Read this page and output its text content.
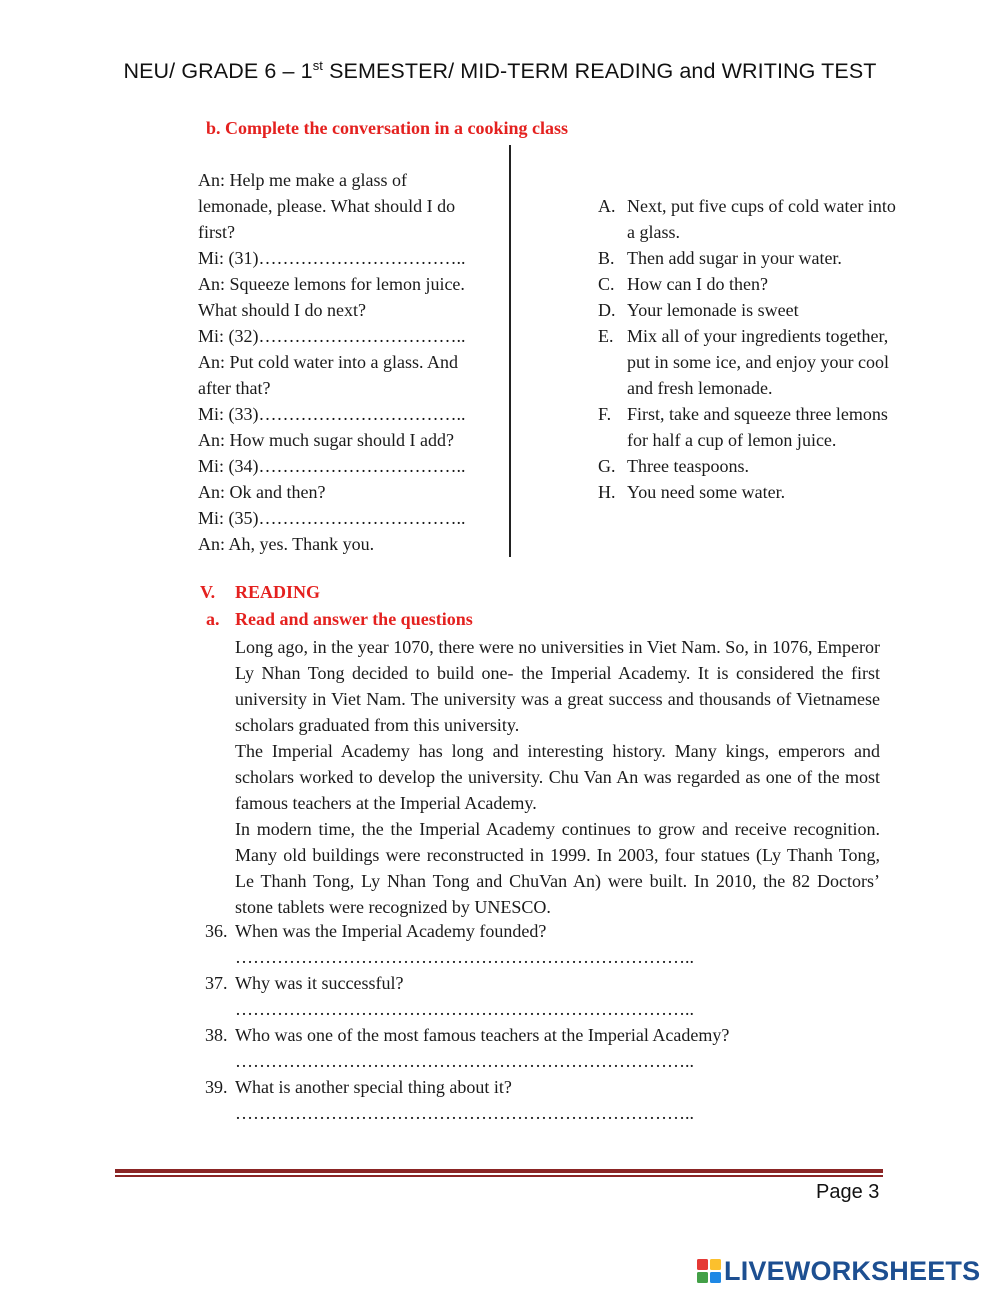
NEU/ GRADE 6 – 1st SEMESTER/ MID-TERM READING and WRITING TEST
b. Complete the conversation in a cooking class
An: Help me make a glass of
lemonade, please. What should I do
first?
Mi: (31)……………………………..
An: Squeeze lemons for lemon juice.
What should I do next?
Mi: (32)……………………………..
An: Put cold water into a glass. And
after that?
Mi: (33)……………………………..
An: How much sugar should I add?
Mi: (34)……………………………..
An: Ok and then?
Mi: (35)……………………………..
An: Ah, yes. Thank you.
A. Next, put five cups of cold water into a glass.
B. Then add sugar in your water.
C. How can I do then?
D. Your lemonade is sweet
E. Mix all of your ingredients together, put in some ice, and enjoy your cool and fresh lemonade.
F. First, take and squeeze three lemons for half a cup of lemon juice.
G. Three teaspoons.
H. You need some water.
V. READING
a. Read and answer the questions

Long ago, in the year 1070, there were no universities in Viet Nam. So, in 1076, Emperor Ly Nhan Tong decided to build one- the Imperial Academy. It is considered the first university in Viet Nam. The university was a great success and thousands of Vietnamese scholars graduated from this university.

The Imperial Academy has long and interesting history. Many kings, emperors and scholars worked to develop the university. Chu Van An was regarded as one of the most famous teachers at the Imperial Academy.

In modern time, the the Imperial Academy continues to grow and receive recognition. Many old buildings were reconstructed in 1999. In 2003, four statues (Ly Thanh Tong, Le Thanh Tong, Ly Nhan Tong and ChuVan An) were built. In 2010, the 82 Doctors’ stone tablets were recognized by UNESCO.

36. When was the Imperial Academy founded?
…………………………………………………………………..
37. Why was it successful?
…………………………………………………………………..
38. Who was one of the most famous teachers at the Imperial Academy?
…………………………………………………………………..
39. What is another special thing about it?
…………………………………………………………………..
Page 3
LIVEWORKSHEETS
